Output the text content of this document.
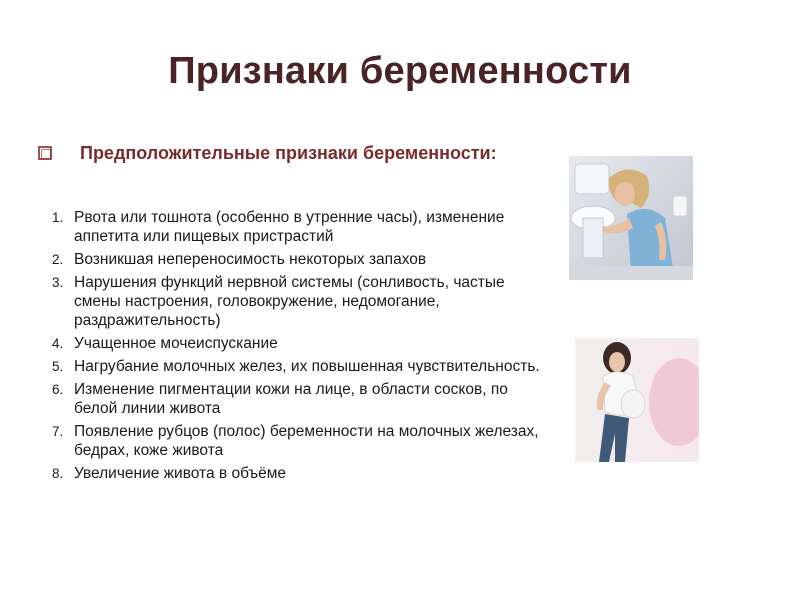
Признаки беременности
Предположительные признаки беременности:
1. Рвота или тошнота (особенно в утренние часы), изменение аппетита или пищевых пристрастий
2. Возникшая непереносимость некоторых запахов
3. Нарушения функций нервной системы (сонливость, частые смены настроения, головокружение, недомогание, раздражительность)
4. Учащенное мочеиспускание
5. Нагрубание молочных желез, их повышенная чувствительность.
6. Изменение пигментации кожи на лице, в области сосков, по белой линии живота
7. Появление рубцов (полос) беременности на молочных железах, бедрах, коже живота
8. Увеличение живота в объёме
